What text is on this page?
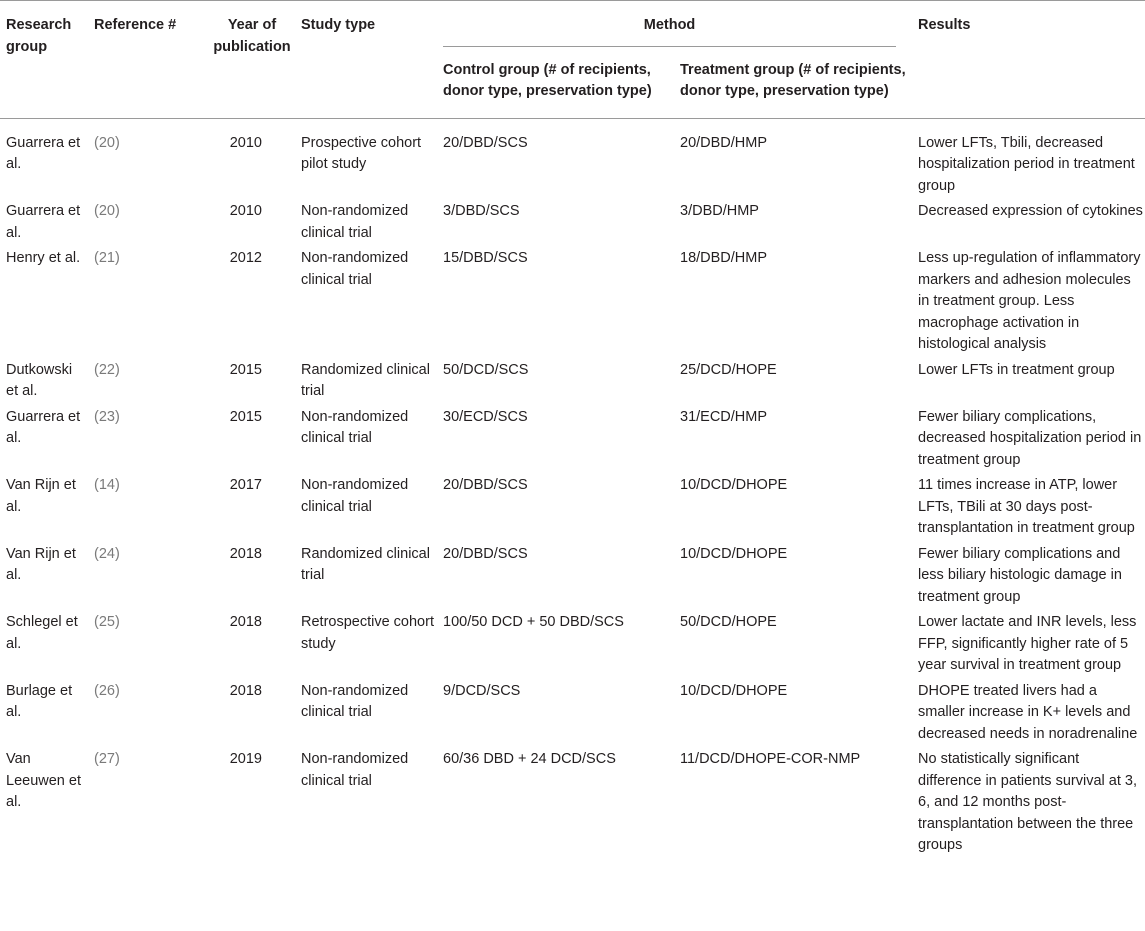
Research group	Reference #	Year of publication	Study type	Method		Results
				Control group (# of recipients, donor type, preservation type)	Treatment group (# of recipients, donor type, preservation type)	
Guarrera et al.	(20)	2010	Prospective cohort pilot study	20/DBD/SCS	20/DBD/HMP	Lower LFTs, Tbili, decreased hospitalization period in treatment group
Guarrera et al.	(20)	2010	Non-randomized clinical trial	3/DBD/SCS	3/DBD/HMP	Decreased expression of cytokines
Henry et al.	(21)	2012	Non-randomized clinical trial	15/DBD/SCS	18/DBD/HMP	Less up-regulation of inflammatory markers and adhesion molecules in treatment group. Less macrophage activation in histological analysis
Dutkowski et al.	(22)	2015	Randomized clinical trial	50/DCD/SCS	25/DCD/HOPE	Lower LFTs in treatment group
Guarrera et al.	(23)	2015	Non-randomized clinical trial	30/ECD/SCS	31/ECD/HMP	Fewer biliary complications, decreased hospitalization period in treatment group
Van Rijn et al.	(14)	2017	Non-randomized clinical trial	20/DBD/SCS	10/DCD/DHOPE	11 times increase in ATP, lower LFTs, TBili at 30 days post-transplantation in treatment group
Van Rijn et al.	(24)	2018	Randomized clinical trial	20/DBD/SCS	10/DCD/DHOPE	Fewer biliary complications and less biliary histologic damage in treatment group
Schlegel et al.	(25)	2018	Retrospective cohort study	100/50 DCD + 50 DBD/SCS	50/DCD/HOPE	Lower lactate and INR levels, less FFP, significantly higher rate of 5 year survival in treatment group
Burlage et al.	(26)	2018	Non-randomized clinical trial	9/DCD/SCS	10/DCD/DHOPE	DHOPE treated livers had a smaller increase in K+ levels and decreased needs in noradrenaline
Van Leeuwen et al.	(27)	2019	Non-randomized clinical trial	60/36 DBD + 24 DCD/SCS	11/DCD/DHOPE-COR-NMP	No statistically significant difference in patients survival at 3, 6, and 12 months post-transplantation between the three groups
